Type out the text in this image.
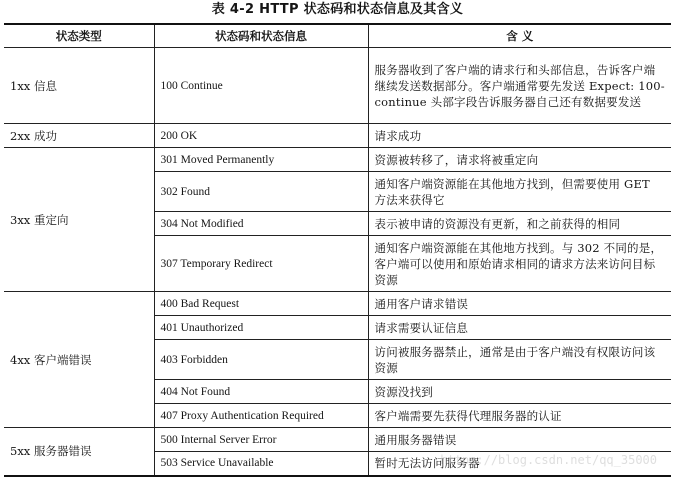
表 4-2 HTTP 状态码和状态信息及其含义
状态类型	状态码和状态信息	含 义
1xx 信息	100 Continue	服务器收到了客户端的请求行和头部信息，告诉客户端继续发送数据部分。客户端通常要先发送 Expect: 100-continue 头部字段告诉服务器自己还有数据要发送
2xx 成功	200 OK	请求成功
3xx 重定向	301 Moved Permanently	资源被转移了，请求将被重定向
	302 Found	通知客户端资源能在其他地方找到，但需要使用 GET 方法来获得它
	304 Not Modified	表示被申请的资源没有更新，和之前获得的相同
	307 Temporary Redirect	通知客户端资源能在其他地方找到。与 302 不同的是，客户端可以使用和原始请求相同的请求方法来访问目标资源
4xx 客户端错误	400 Bad Request	通用客户请求错误
	401 Unauthorized	请求需要认证信息
	403 Forbidden	访问被服务器禁止，通常是由于客户端没有权限访问该资源
	404 Not Found	资源没找到
	407 Proxy Authentication Required	客户端需要先获得代理服务器的认证
5xx 服务器错误	500 Internal Server Error	通用服务器错误
	503 Service Unavailable	暂时无法访问服务器
https://blog.csdn.net/qq_35000
